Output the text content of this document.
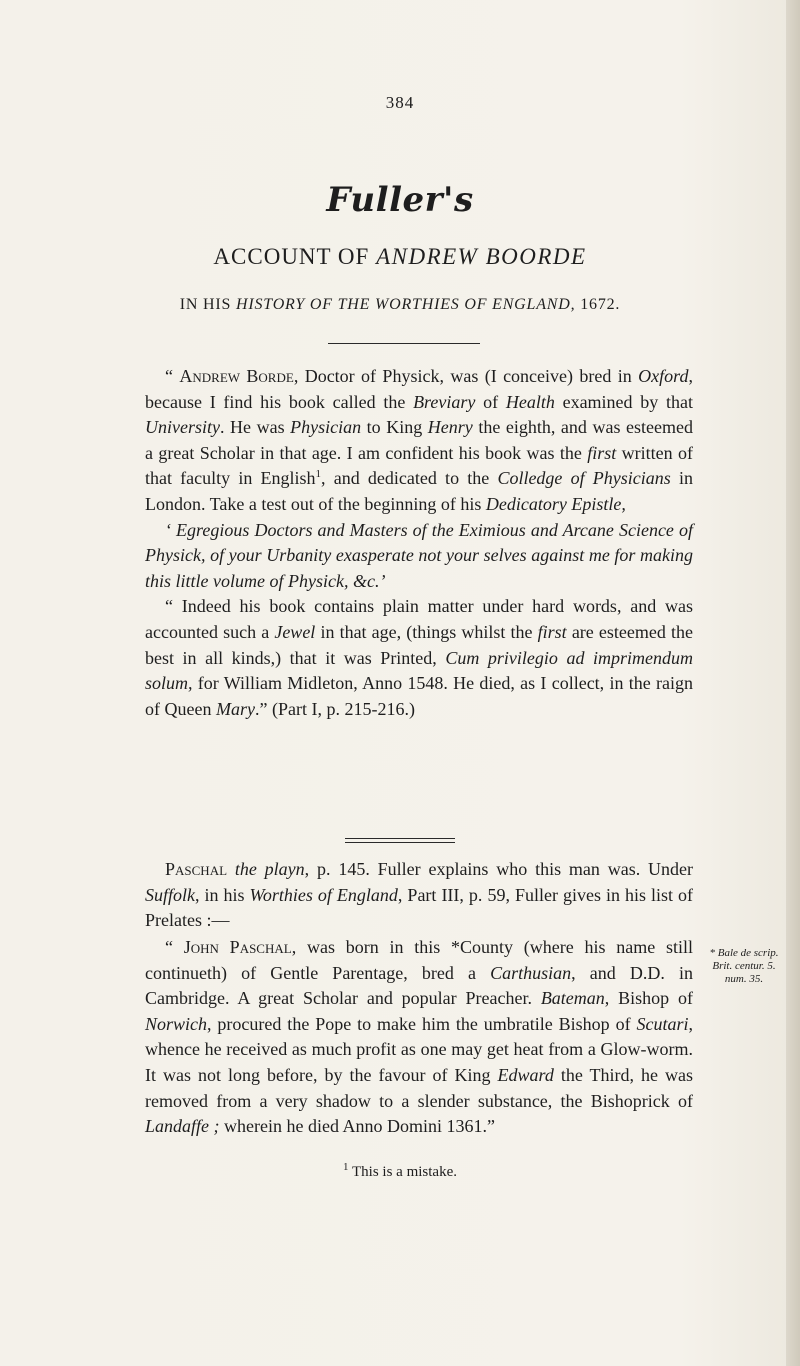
384
Fuller's
ACCOUNT OF ANDREW BOORDE
IN HIS HISTORY OF THE WORTHIES OF ENGLAND, 1672.

“ Andrew Borde, Doctor of Physick, was (I conceive) bred in Oxford, because I find his book called the Breviary of Health examined by that University. He was Physician to King Henry the eighth, and was esteemed a great Scholar in that age. I am confident his book was the first written of that faculty in English$^1$, and dedicated to the Colledge of Physicians in London. Take a test out of the beginning of his Dedicatory Epistle,

‘ Egregious Doctors and Masters of the Eximious and Arcane Science of Physick, of your Urbanity exasperate not your selves against me for making this little volume of Physick, &c.’

“ Indeed his book contains plain matter under hard words, and was accounted such a Jewel in that age, (things whilst the first are esteemed the best in all kinds,) that it was Printed, Cum privilegio ad imprimendum solum, for William Midleton, Anno 1548. He died, as I collect, in the raign of Queen Mary.” (Part I, p. 215-216.)

Paschal the playn, p. 145. Fuller explains who this man was. Under Suffolk, in his Worthies of England, Part III, p. 59, Fuller gives in his list of Prelates :—

“ John Paschal, was born in this *County (where his name still continueth) of Gentle Parentage, bred a Carthusian, and D.D. in Cambridge. A great Scholar and popular Preacher. Bateman, Bishop of Norwich, procured the Pope to make him the umbratile Bishop of Scutari, whence he received as much profit as one may get heat from a Glow-worm. It was not long before, by the favour of King Edward the Third, he was removed from a very shadow to a slender substance, the Bishoprick of Landaffe ; wherein he died Anno Domini 1361.”

* Bale de scrip.
Brit. centur. 5.
num. 35.
$^1$ This is a mistake.
